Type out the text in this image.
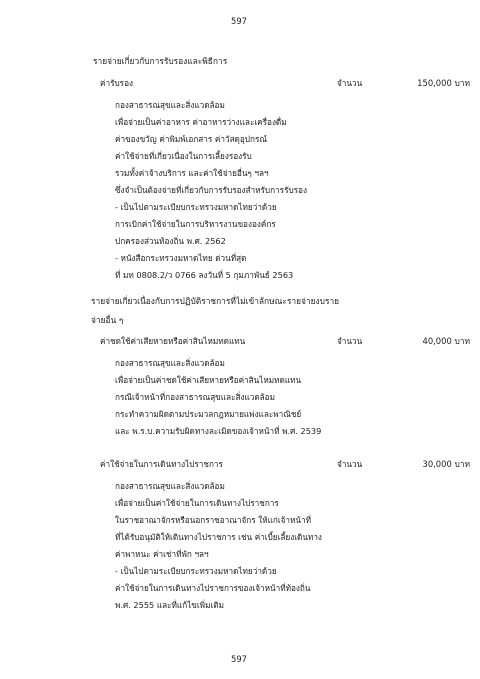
597
รายจ่ายเกี่ยวกับการรับรองและพิธีการ
ค่ารับรอง	จำนวน	150,000 บาท
กองสาธารณสุขและสิ่งแวดล้อม
เพื่อจ่ายเป็นค่าอาหาร ค่าอาหารว่างและเครื่องดื่ม
ค่าของขวัญ ค่าพิมพ์เอกสาร ค่าวัสดุอุปกรณ์
ค่าใช้จ่ายที่เกี่ยวเนื่องในการเลี้ยงรองรับ
รวมทั้งค่าจ้างบริการ และค่าใช้จ่ายอื่นๆ ฯลฯ
ซึ่งจำเป็นต้องจ่ายที่เกี่ยวกับการรับรองสำหรับการรับรอง
- เป็นไปตามระเบียบกระทรวงมหาดไทยว่าด้วย
การเบิกค่าใช้จ่ายในการบริหารงานขององค์กร
ปกครองส่วนท้องถิ่น พ.ศ. 2562
- หนังสือกระทรวงมหาดไทย ด่วนที่สุด
ที่ มท 0808.2/ว 0766 ลงวันที่ 5 กุมภาพันธ์ 2563
รายจ่ายเกี่ยวเนื่องกับการปฏิบัติราชการที่ไม่เข้าลักษณะรายจ่ายงบราย
จ่ายอื่น ๆ
ค่าชดใช้ค่าเสียหายหรือค่าสินไหมทดแทน	จำนวน	40,000 บาท
กองสาธารณสุขและสิ่งแวดล้อม
เพื่อจ่ายเป็นค่าชดใช้ค่าเสียหายหรือค่าสินไหมทดแทน
กรณีเจ้าหน้าที่กองสาธารณสุขและสิ่งแวดล้อม
กระทำความผิดตามประมวลกฎหมายแพ่งและพาณิชย์
และ พ.ร.บ.ความรับผิดทางละเมิดของเจ้าหน้าที่ พ.ศ. 2539
ค่าใช้จ่ายในการเดินทางไปราชการ	จำนวน	30,000 บาท
กองสาธารณสุขและสิ่งแวดล้อม
เพื่อจ่ายเป็นค่าใช้จ่ายในการเดินทางไปราชการ
ในราชอาณาจักรหรือนอกราชอาณาจักร ให้แก่เจ้าหน้าที่
ที่ได้รับอนุมัติให้เดินทางไปราชการ เช่น ค่าเบี้ยเลี้ยงเดินทาง
ค่าพาหนะ ค่าเช่าที่พัก ฯลฯ
- เป็นไปตามระเบียบกระทรวงมหาดไทยว่าด้วย
ค่าใช้จ่ายในการเดินทางไปราชการของเจ้าหน้าที่ท้องถิ่น
พ.ศ. 2555 และที่แก้ไขเพิ่มเติม
597
